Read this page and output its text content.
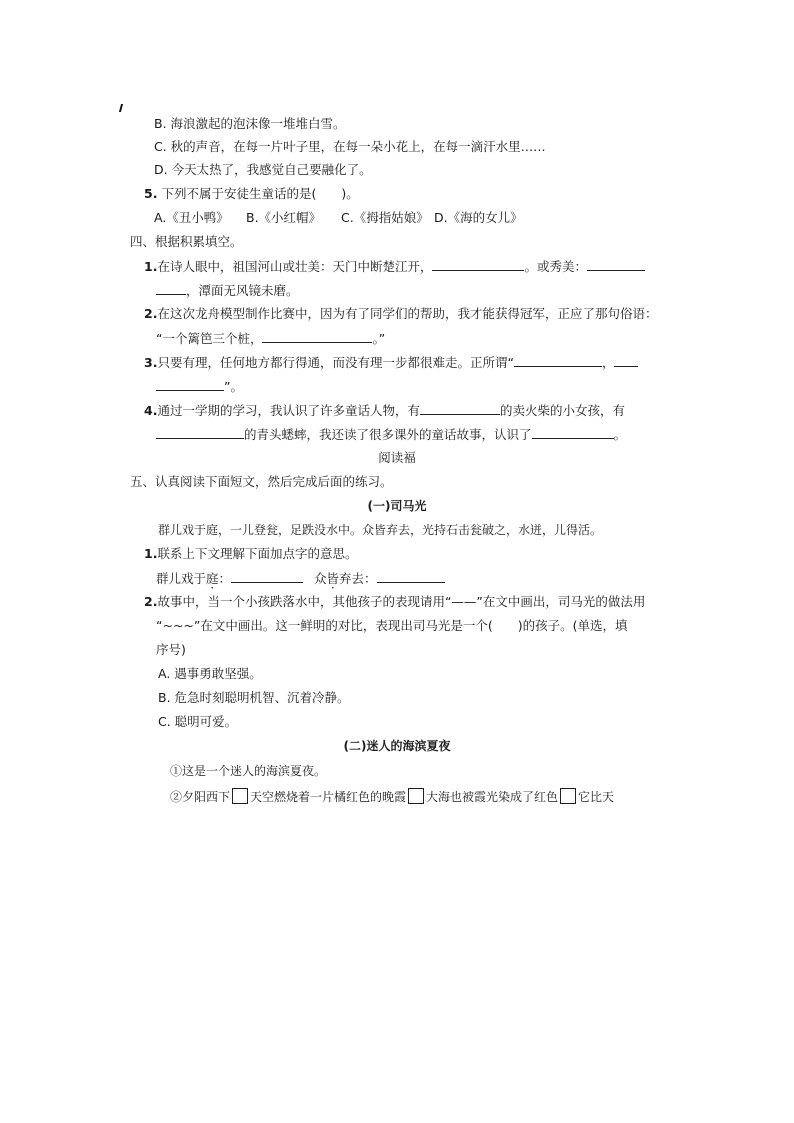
B. 海浪激起的泡沫像一堆堆白雪。
C. 秋的声音，在每一片叶子里，在每一朵小花上，在每一滴汗水里……
D. 今天太热了，我感觉自己要融化了。
5. 下列不属于安徒生童话的是(　　)。
A.《丑小鸭》 B.《小红帽》 C.《拇指姑娘》 D.《海的女儿》
四、根据积累填空。
1.在诗人眼中，祖国河山或壮美：天门中断楚江开，	。或秀美：
，潭面无风镜未磨。
2.在这次龙舟模型制作比赛中，因为有了同学们的帮助，我才能获得冠军，正应了那句俗语：
“一个篱笆三个桩，	。”
3.只要有理，任何地方都行得通，而没有理一步都很难走。正所谓“	，
”。
4.通过一学期的学习，我认识了许多童话人物，有	的卖火柴的小女孩，有
的青头蟋蟀，我还读了很多课外的童话故事，认识了	。
阅读褔
五、认真阅读下面短文，然后完成后面的练习。
(一)司马光
群儿戏于庭，一儿登瓮，足跌没水中。众皆弃去，光持石击瓮破之，水迸，儿得活。
1.联系上下文理解下面加点字的意思。
群儿戏于庭：	众皆弃去：
2.故事中，当一个小孩跌落水中，其他孩子的表现请用“——”在文中画出，司马光的做法用
“~~~”在文中画出。这一鲜明的对比，表现出司马光是一个(　　)的孩子。(单选，填
序号)
A. 遇事勇敢坚强。
B. 危急时刻聪明机智、沉着冷静。
C. 聪明可爱。
(二)迷人的海滨夏夜
①这是一个迷人的海滨夏夜。
②夕阳西下 天空燃烧着一片橘红色的晚霞 大海也被霞光染成了红色 它比天
